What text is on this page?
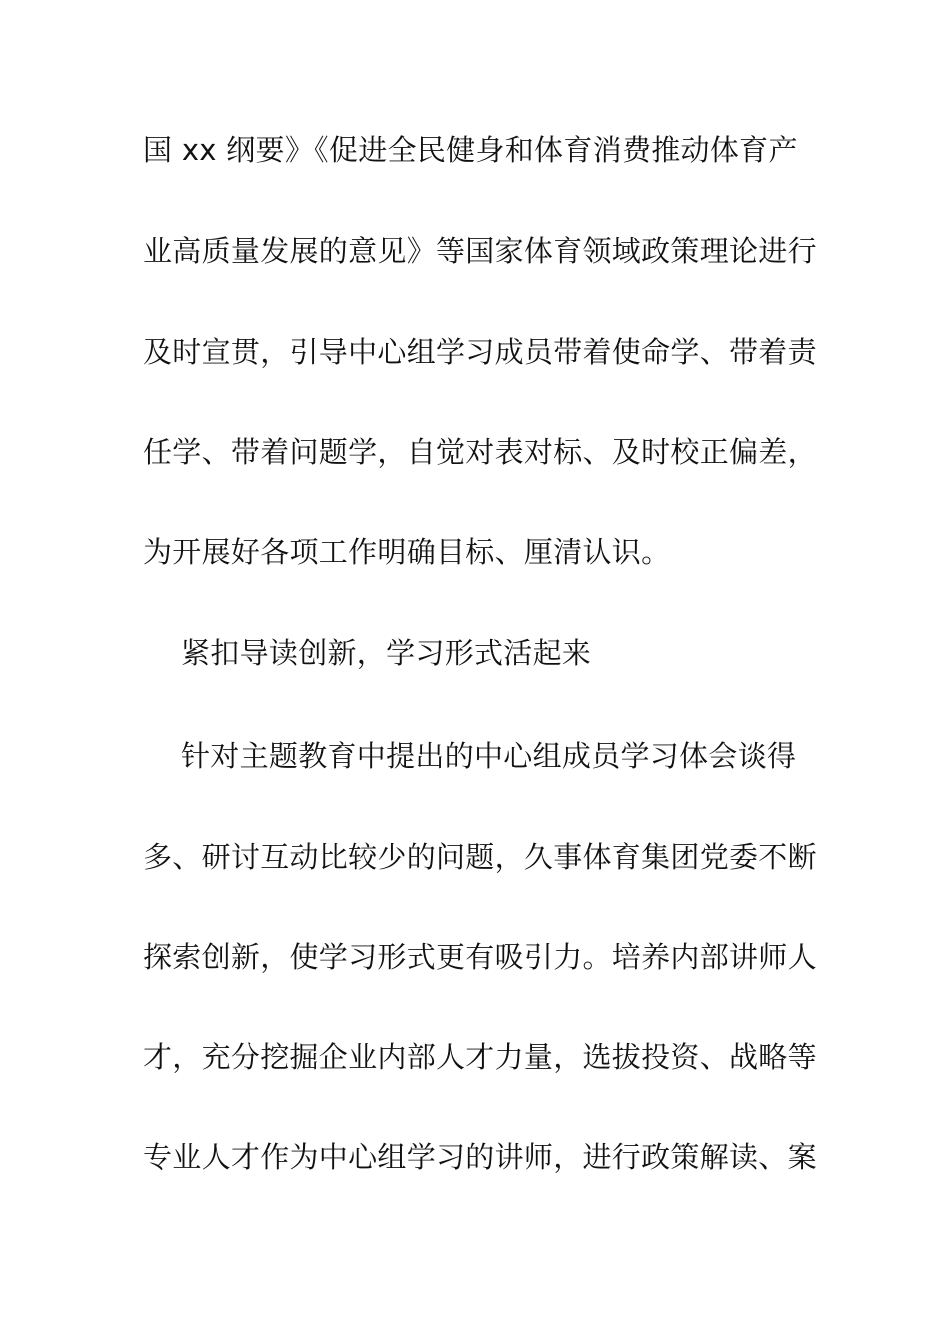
国 xx 纲要》《促进全民健身和体育消费推动体育产
业高质量发展的意见》等国家体育领域政策理论进行
及时宣贯，引导中心组学习成员带着使命学、带着责
任学、带着问题学，自觉对表对标、及时校正偏差，
为开展好各项工作明确目标、厘清认识。
紧扣导读创新，学习形式活起来
针对主题教育中提出的中心组成员学习体会谈得
多、研讨互动比较少的问题，久事体育集团党委不断
探索创新，使学习形式更有吸引力。培养内部讲师人
才，充分挖掘企业内部人才力量，选拔投资、战略等
专业人才作为中心组学习的讲师，进行政策解读、案
